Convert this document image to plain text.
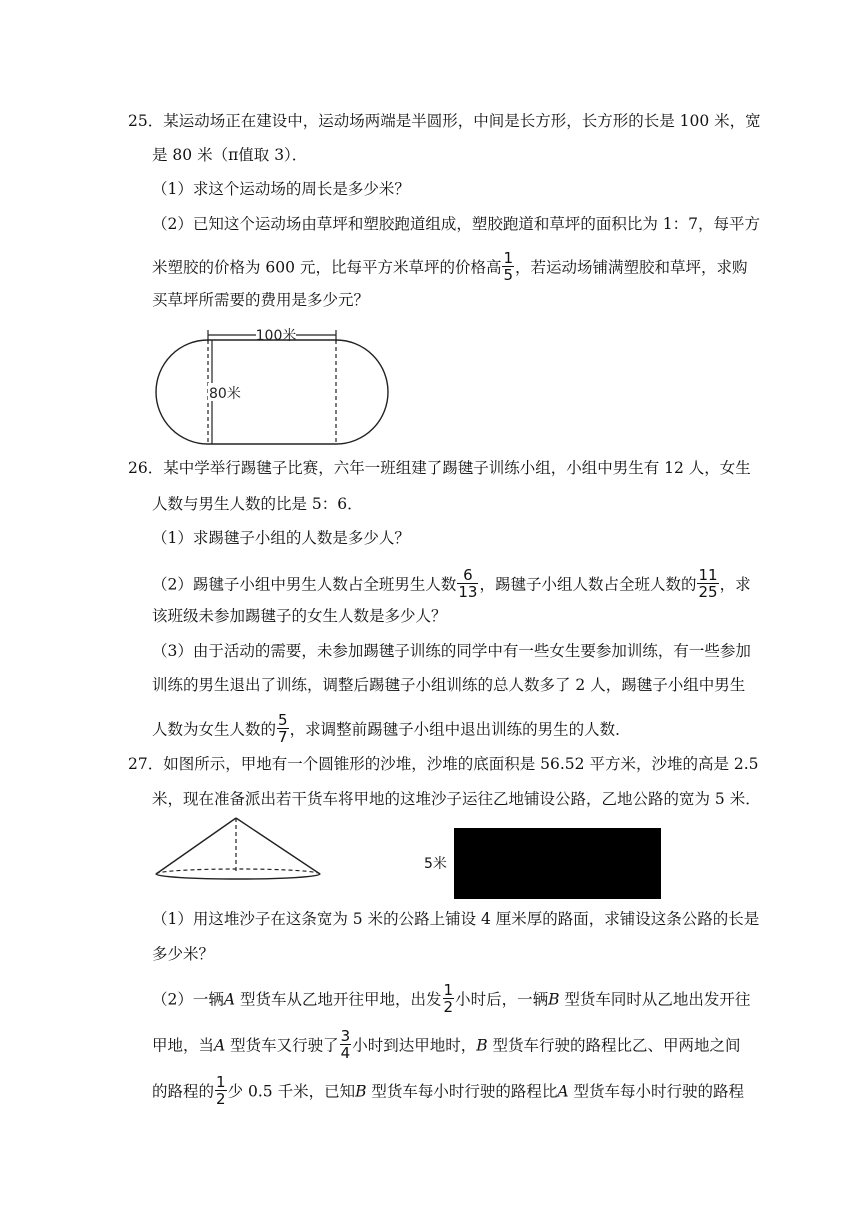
25．某运动场正在建设中，运动场两端是半圆形，中间是长方形，长方形的长是 100 米，宽
是 80 米（π值取 3）．
（1）求这个运动场的周长是多少米？
（2）已知这个运动场由草坪和塑胶跑道组成，塑胶跑道和草坪的面积比为 1：7，每平方
米塑胶的价格为 600 元，比每平方米草坪的价格高 $\frac{1}{5}$ ，若运动场铺满塑胶和草坪，求购
买草坪所需要的费用是多少元？
100米
80米
26．某中学举行踢毽子比赛，六年一班组建了踢毽子训练小组，小组中男生有 12 人，女生
人数与男生人数的比是 5：6．
（1）求踢毽子小组的人数是多少人？
（2）踢毽子小组中男生人数占全班男生人数 $\frac{6}{13}$ ，踢毽子小组人数占全班人数的 $\frac{11}{25}$ ，求
该班级未参加踢毽子的女生人数是多少人？
（3）由于活动的需要，未参加踢毽子训练的同学中有一些女生要参加训练，有一些参加
训练的男生退出了训练，调整后踢毽子小组训练的总人数多了 2 人，踢毽子小组中男生
人数为女生人数的 $\frac{5}{7}$ ，求调整前踢毽子小组中退出训练的男生的人数．
27．如图所示，甲地有一个圆锥形的沙堆，沙堆的底面积是 56.52 平方米，沙堆的高是 2.5
米，现在准备派出若干货车将甲地的这堆沙子运往乙地铺设公路，乙地公路的宽为 5 米．
5米
（1）用这堆沙子在这条宽为 5 米的公路上铺设 4 厘米厚的路面，求铺设这条公路的长是
多少米？
（2）一辆A 型货车从乙地开往甲地，出发 $\frac{1}{2}$ 小时后，一辆B 型货车同时从乙地出发开往
甲地，当A 型货车又行驶了 $\frac{3}{4}$ 小时到达甲地时，B 型货车行驶的路程比乙、甲两地之间
的路程的 $\frac{1}{2}$ 少 0.5 千米，已知B 型货车每小时行驶的路程比A 型货车每小时行驶的路程
